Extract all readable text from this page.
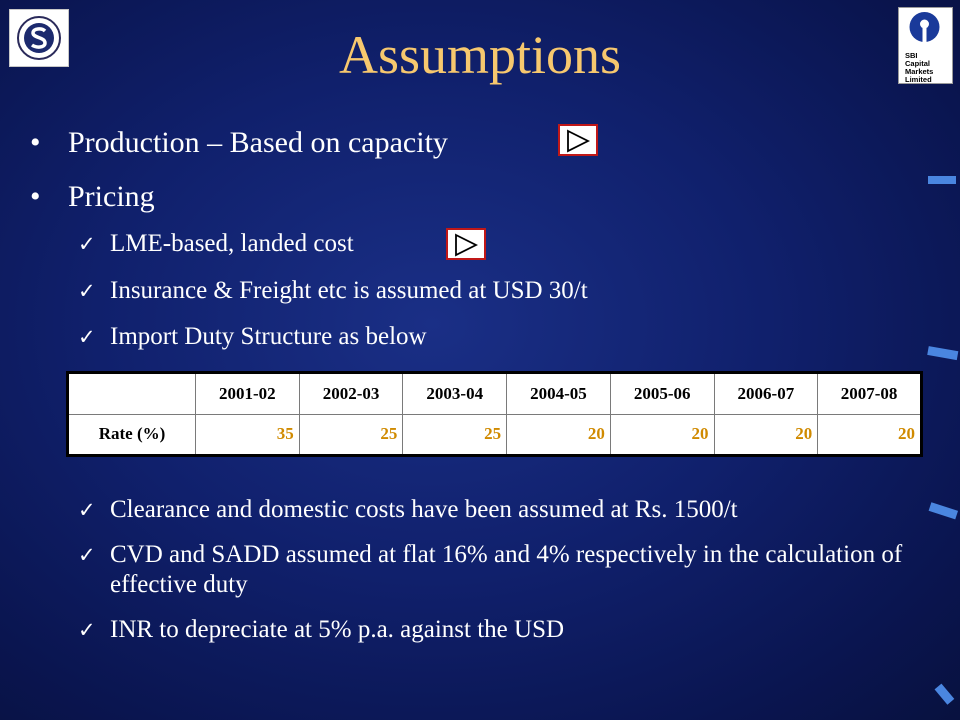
SBI
Capital
Markets
Limited
Assumptions
• Production – Based on capacity
• Pricing
✓ LME-based, landed cost
✓ Insurance & Freight etc is assumed at USD 30/t
✓ Import Duty Structure as below
	2001-02	2002-03	2003-04	2004-05	2005-06	2006-07	2007-08
Rate (%)	35	25	25	20	20	20	20
✓ Clearance and domestic costs have been assumed at Rs. 1500/t
✓ CVD and SADD assumed at flat 16% and 4% respectively in the calculation of effective duty
✓ INR to depreciate at 5% p.a. against the USD
